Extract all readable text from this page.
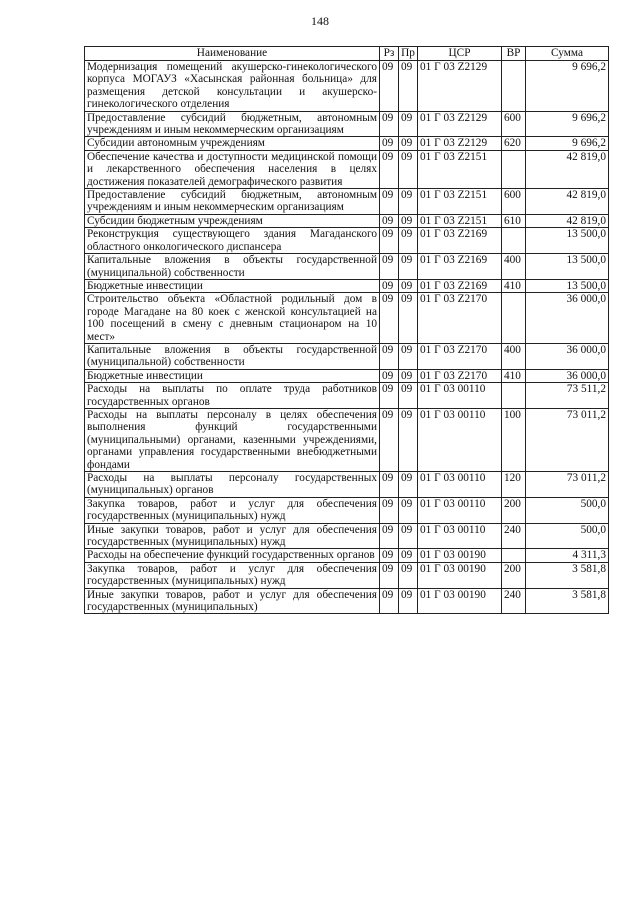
148
Наименование	Рз	Пр	ЦСР	ВР	Сумма
Модернизация помещений акушерско-гинекологического корпуса МОГАУЗ «Хасынская районная больница» для размещения детской консультации и акушерско-гинекологического отделения	09	09	01 Г 03 Z2129		9 696,2
Предоставление субсидий бюджетным, автономным учреждениям и иным некоммерческим организациям	09	09	01 Г 03 Z2129	600	9 696,2
Субсидии автономным учреждениям	09	09	01 Г 03 Z2129	620	9 696,2
Обеспечение качества и доступности медицинской помощи и лекарственного обеспечения населения в целях достижения показателей демографического развития	09	09	01 Г 03 Z2151		42 819,0
Предоставление субсидий бюджетным, автономным учреждениям и иным некоммерческим организациям	09	09	01 Г 03 Z2151	600	42 819,0
Субсидии бюджетным учреждениям	09	09	01 Г 03 Z2151	610	42 819,0
Реконструкция существующего здания Магаданского областного онкологического диспансера	09	09	01 Г 03 Z2169		13 500,0
Капитальные вложения в объекты государственной (муниципальной) собственности	09	09	01 Г 03 Z2169	400	13 500,0
Бюджетные инвестиции	09	09	01 Г 03 Z2169	410	13 500,0
Строительство объекта «Областной родильный дом в городе Магадане на 80 коек с женской консультацией на 100 посещений в смену с дневным стационаром на 10 мест»	09	09	01 Г 03 Z2170		36 000,0
Капитальные вложения в объекты государственной (муниципальной) собственности	09	09	01 Г 03 Z2170	400	36 000,0
Бюджетные инвестиции	09	09	01 Г 03 Z2170	410	36 000,0
Расходы на выплаты по оплате труда работников государственных органов	09	09	01 Г 03 00110		73 511,2
Расходы на выплаты персоналу в целях обеспечения выполнения функций государственными (муниципальными) органами, казенными учреждениями, органами управления государственными внебюджетными фондами	09	09	01 Г 03 00110	100	73 011,2
Расходы на выплаты персоналу государственных (муниципальных) органов	09	09	01 Г 03 00110	120	73 011,2
Закупка товаров, работ и услуг для обеспечения государственных (муниципальных) нужд	09	09	01 Г 03 00110	200	500,0
Иные закупки товаров, работ и услуг для обеспечения государственных (муниципальных) нужд	09	09	01 Г 03 00110	240	500,0
Расходы на обеспечение функций государственных органов	09	09	01 Г 03 00190		4 311,3
Закупка товаров, работ и услуг для обеспечения государственных (муниципальных) нужд	09	09	01 Г 03 00190	200	3 581,8
Иные закупки товаров, работ и услуг для обеспечения государственных (муниципальных)	09	09	01 Г 03 00190	240	3 581,8
